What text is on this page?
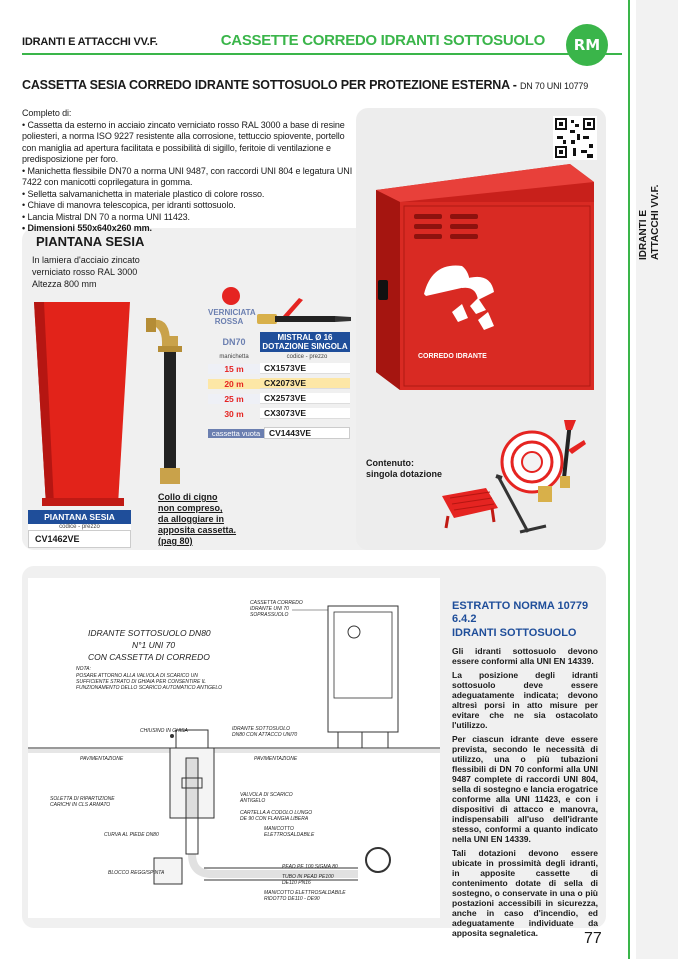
IDRANTI E ATTACCHI VV.F.
IDRANTI E ATTACCHI VV.F.	CASSETTE CORREDO IDRANTI SOTTOSUOLO	RM
CASSETTA SESIA CORREDO IDRANTE SOTTOSUOLO PER PROTEZIONE ESTERNA - DN 70 UNI 10779

Completo di:

• Cassetta da esterno in acciaio zincato verniciato rosso RAL 3000 a base di resine poliesteri, a norma ISO 9227 resistente alla corrosione, tettuccio spiovente, portello con maniglia ad apertura facilitata e possibilità di sigillo, feritoie di ventilazione e predisposizione per foro.

• Manichetta flessibile DN70 a norma UNI 9487, con raccordi UNI 804 e legatura UNI 7422 con manicotti coprilegatura in gomma.

• Selletta salvamanichetta in materiale plastico di colore rosso.

• Chiave di manovra telescopica, per idranti sottosuolo.

• Lancia Mistral DN 70 a norma UNI 11423.

• Dimensioni 550x640x260 mm.

PIANTANA SESIA
In lamiera d'acciaio zincato
verniciato rosso RAL 3000
Altezza 800 mm
PIANTANA SESIA
codice - prezzo
CV1462VE
Collo di cigno
non compreso,
da alloggiare in
apposita cassetta.
(pag 80)
VERNICIATA ROSSA
DN70	MISTRAL Ø 16 DOTAZIONE SINGOLA
manichetta	codice - prezzo
15 m	CX1573VE
20 m	CX2073VE
25 m	CX2573VE
30 m	CX3073VE
cassetta vuota	CV1443VE
CORREDO IDRANTE
Contenuto:
singola dotazione
IDRANTE SOTTOSUOLO DN80
N°1 UNI 70
CON CASSETTA DI CORREDO
NOTA:
POSARE ATTORNO ALLA VALVOLA DI SCARICO UN
SUFFICIENTE STRATO DI GHIAIA PER CONSENTIRE IL
FUNZIONAMENTO DELLO SCARICO AUTOMATICO ANTIGELO
CASSETTA CORREDO
IDRANTE UNI 70
SOPRASSUOLO
CHIUSINO IN GHISA	IDRANTE SOTTOSUOLO
DN80 CON ATTACCO UNI70
PAVIMENTAZIONE	PAVIMENTAZIONE
SOLETTA DI RIPARTIZIONE
CARICHI IN CLS ARMATO
VALVOLA DI SCARICO
ANTIGELO
CARTELLA A CODOLO LUNGO
DE 90 CON FLANGIA LIBERA
CURVA AL PIEDE DN80
MANICOTTO
ELETTROSALDABILE
BLOCCO REGGISPINTA
PEAD PE 100 SIGMA 80
TUBO IN PEAD PE100
DE110 PN16
MANICOTTO ELETTROSALDABILE
RIDOTTO DE110 - DE90
ESTRATTO NORMA 10779
6.4.2
IDRANTI SOTTOSUOLO

Gli idranti sottosuolo devono essere conformi alla UNI EN 14339.

La posizione degli idranti sottosuolo deve essere adeguatamente indicata; devono altresì porsi in atto misure per evitare che ne sia ostacolato l'utilizzo.

Per ciascun idrante deve essere prevista, secondo le necessità di utilizzo, una o più tubazioni flessibili di DN 70 conformi alla UNI 9487 complete di raccordi UNI 804, sella di sostegno e lancia erogatrice conforme alla UNI 11423, e con i dispositivi di attacco e manovra, indispensabili all'uso dell'idrante stesso, conformi a quanto indicato nella UNI EN 14339.

Tali dotazioni devono essere ubicate in prossimità degli idranti, in apposite cassette di contenimento dotate di sella di sostegno, o conservate in una o più postazioni accessibili in sicurezza, anche in caso d'incendio, ed adeguatamente individuate da apposita segnaletica.	77
